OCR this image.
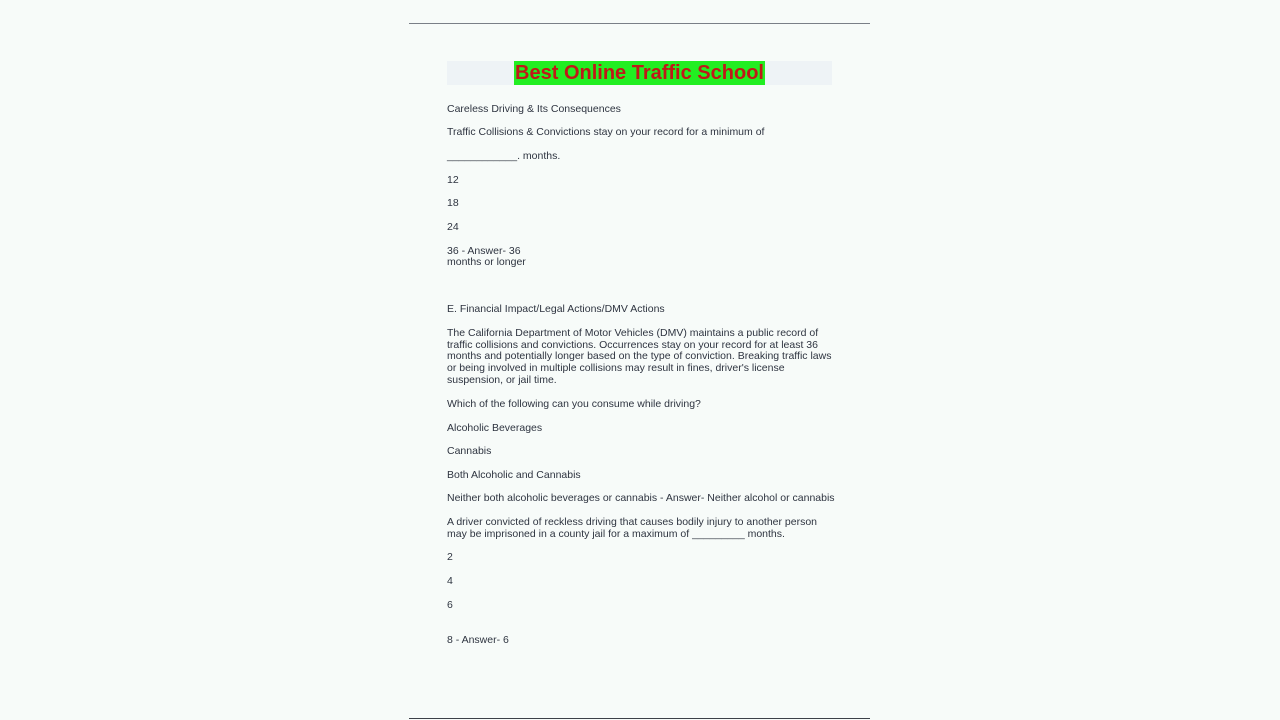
Best Online Traffic School
Careless Driving & Its Consequences
Traffic Collisions & Convictions stay on your record for a minimum of
____________. months.
12
18
24
36 - Answer- 36
months or longer
E. Financial Impact/Legal Actions/DMV Actions
The California Department of Motor Vehicles (DMV) maintains a public record of traffic collisions and convictions. Occurrences stay on your record for at least 36 months and potentially longer based on the type of conviction. Breaking traffic laws or being involved in multiple collisions may result in fines, driver's license suspension, or jail time.
Which of the following can you consume while driving?
Alcoholic Beverages
Cannabis
Both Alcoholic and Cannabis
Neither both alcoholic beverages or cannabis - Answer- Neither alcohol or cannabis
A driver convicted of reckless driving that causes bodily injury to another person may be imprisoned in a county jail for a maximum of _________ months.
2
4
6
8 - Answer- 6
